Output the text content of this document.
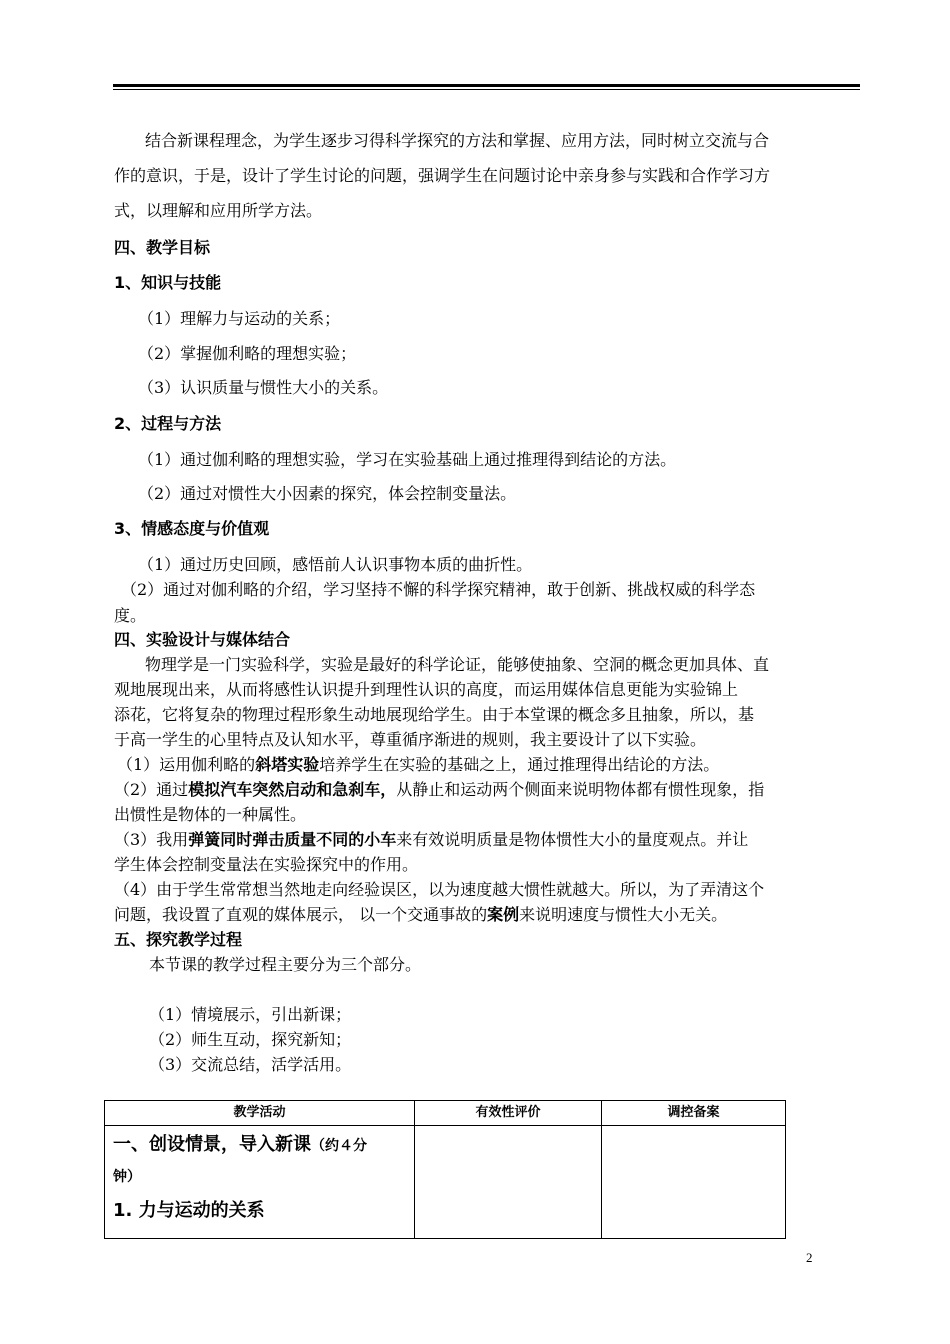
结合新课程理念，为学生逐步习得科学探究的方法和掌握、应用方法，同时树立交流与合
作的意识，于是，设计了学生讨论的问题，强调学生在问题讨论中亲身参与实践和合作学习方
式，以理解和应用所学方法。
四、教学目标
1、知识与技能
（1）理解力与运动的关系；
（2）掌握伽利略的理想实验；
（3）认识质量与惯性大小的关系。
2、过程与方法
（1）通过伽利略的理想实验，学习在实验基础上通过推理得到结论的方法。
（2）通过对惯性大小因素的探究，体会控制变量法。
3、情感态度与价值观
（1）通过历史回顾，感悟前人认识事物本质的曲折性。
（2）通过对伽利略的介绍，学习坚持不懈的科学探究精神，敢于创新、挑战权威的科学态
度。
四、实验设计与媒体结合
物理学是一门实验科学，实验是最好的科学论证，能够使抽象、空洞的概念更加具体、直
观地展现出来，从而将感性认识提升到理性认识的高度，而运用媒体信息更能为实验锦上
添花，它将复杂的物理过程形象生动地展现给学生。由于本堂课的概念多且抽象，所以，基
于高一学生的心里特点及认知水平，尊重循序渐进的规则，我主要设计了以下实验。
（1）运用伽利略的斜塔实验培养学生在实验的基础之上，通过推理得出结论的方法。
（2）通过模拟汽车突然启动和急刹车，从静止和运动两个侧面来说明物体都有惯性现象，指
出惯性是物体的一种属性。
（3）我用弹簧同时弹击质量不同的小车来有效说明质量是物体惯性大小的量度观点。并让
学生体会控制变量法在实验探究中的作用。
（4）由于学生常常想当然地走向经验误区，以为速度越大惯性就越大。所以，为了弄清这个
问题，我设置了直观的媒体展示， 以一个交通事故的案例来说明速度与惯性大小无关。
五、探究教学过程
本节课的教学过程主要分为三个部分。
（1）情境展示，引出新课；
（2）师生互动，探究新知；
（3）交流总结，活学活用。
教学活动	有效性评价	调控备案

一、创设情景，导入新课（约４分
钟）
1. 力与运动的关系		

2
